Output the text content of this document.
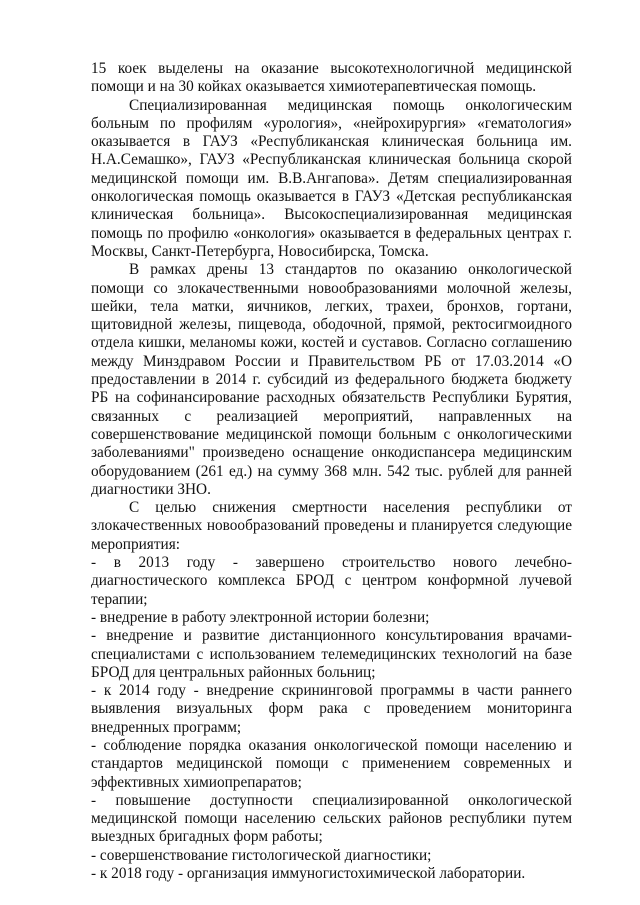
15 коек выделены на оказание высокотехнологичной медицинской помощи и на 30 койках оказывается химиотерапевтическая помощь.

Специализированная медицинская помощь онкологическим больным по профилям «урология», «нейрохирургия» «гематология» оказывается в ГАУЗ «Республиканская клиническая больница им. Н.А.Семашко», ГАУЗ «Республиканская клиническая больница скорой медицинской помощи им. В.В.Ангапова». Детям специализированная онкологическая помощь оказывается в ГАУЗ «Детская республиканская клиническая больница». Высокоспециализированная медицинская помощь по профилю «онкология» оказывается в федеральных центрах г. Москвы, Санкт-Петербурга, Новосибирска, Томска.

В рамках дрены 13 стандартов по оказанию онкологической помощи со злокачественными новообразованиями молочной железы, шейки, тела матки, яичников, легких, трахеи, бронхов, гортани, щитовидной железы, пищевода, ободочной, прямой, ректосигмоидного отдела кишки, меланомы кожи, костей и суставов. Согласно соглашению между Минздравом России и Правительством РБ от 17.03.2014 «О предоставлении в 2014 г. субсидий из федерального бюджета бюджету РБ на софинансирование расходных обязательств Республики Бурятия, связанных с реализацией мероприятий, направленных на совершенствование медицинской помощи больным с онкологическими заболеваниями" произведено оснащение онкодиспансера медицинским оборудованием (261 ед.) на сумму 368 млн. 542 тыс. рублей для ранней диагностики ЗНО.

С целью снижения смертности населения республики от злокачественных новообразований проведены и планируется следующие мероприятия:

- в 2013 году - завершено строительство нового лечебно-диагностического комплекса БРОД с центром конформной лучевой терапии;

- внедрение в работу электронной истории болезни;

- внедрение и развитие дистанционного консультирования врачами-специалистами с использованием телемедицинских технологий на базе БРОД для центральных районных больниц;

- к 2014 году - внедрение скрининговой программы в части раннего выявления визуальных форм рака с проведением мониторинга внедренных программ;

- соблюдение порядка оказания онкологической помощи населению и стандартов медицинской помощи с применением современных и эффективных химиопрепаратов;

- повышение доступности специализированной онкологической медицинской помощи населению сельских районов республики путем выездных бригадных форм работы;

- совершенствование гистологической диагностики;

- к 2018 году - организация иммуногистохимической лаборатории.
